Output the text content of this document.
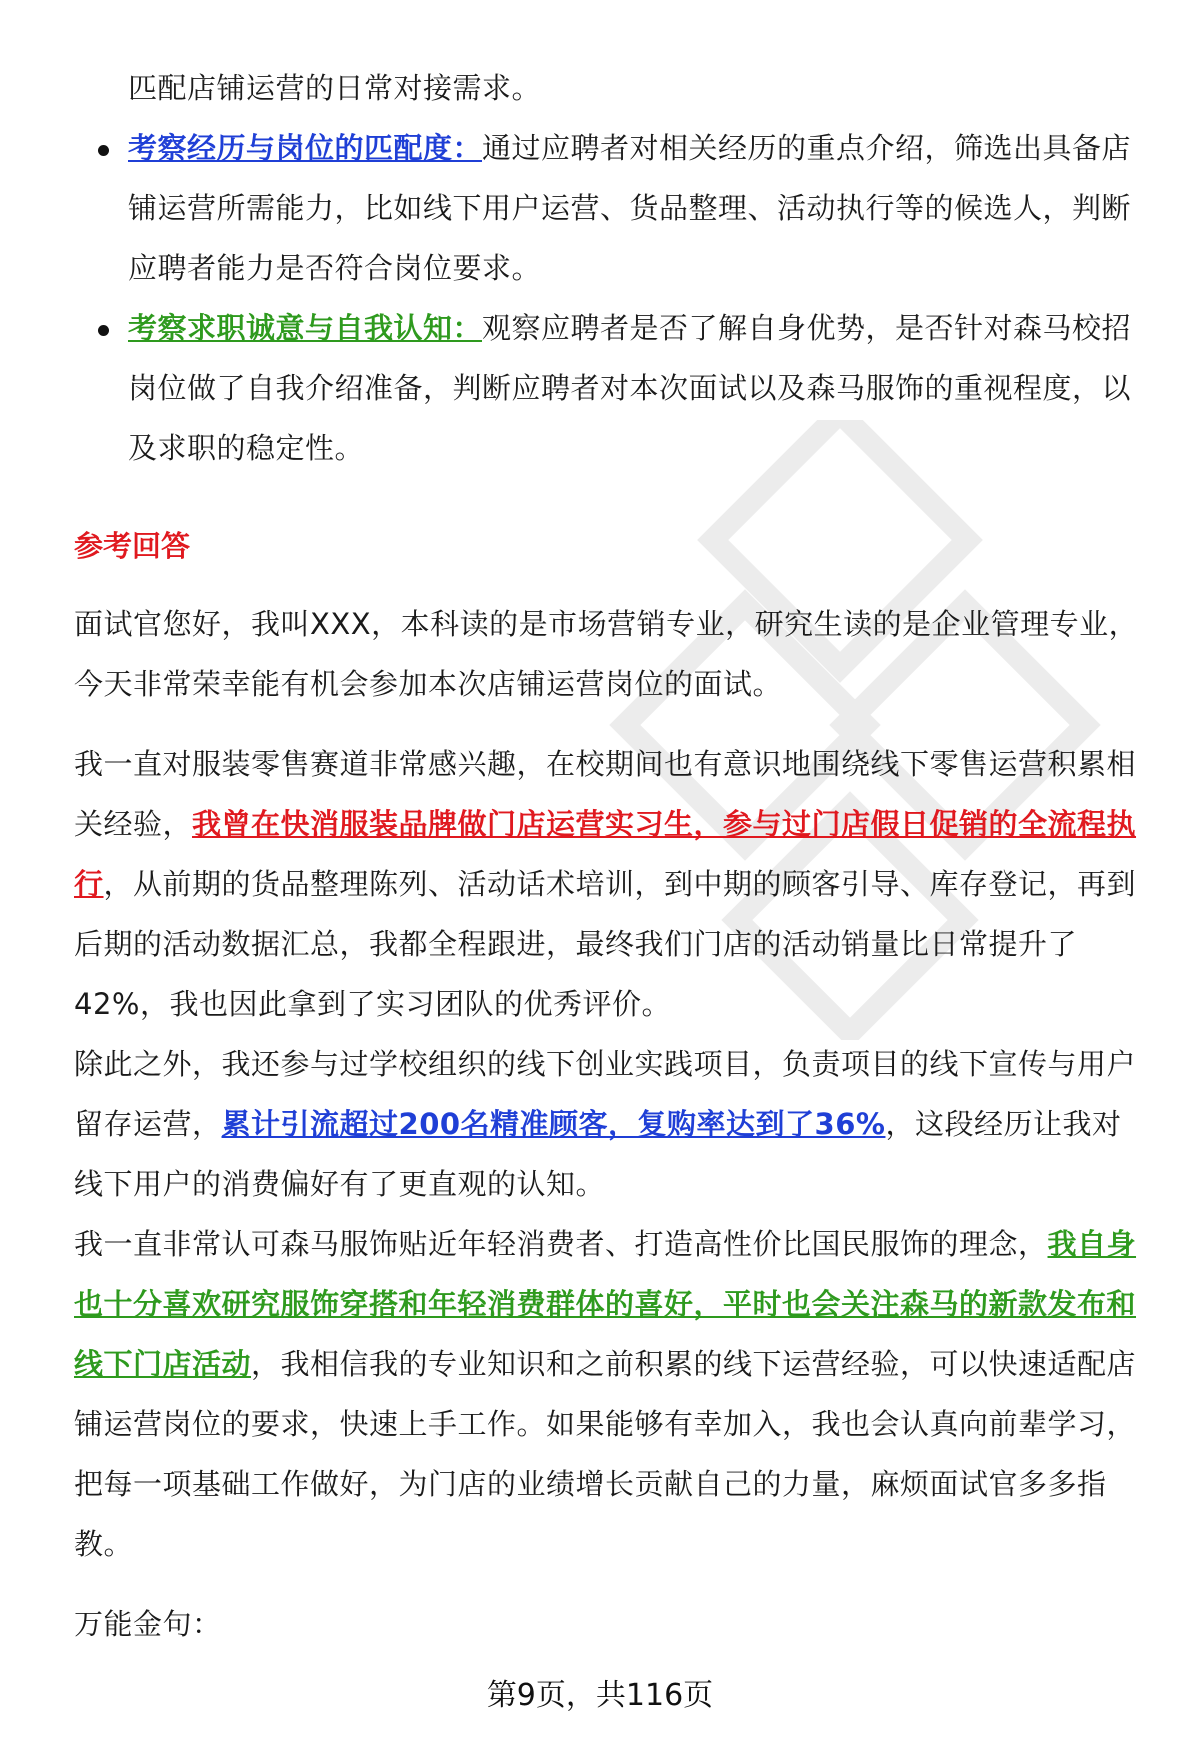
匹配店铺运营的日常对接需求。

考察经历与岗位的匹配度：通过应聘者对相关经历的重点介绍，筛选出具备店铺运营所需能力，比如线下用户运营、货品整理、活动执行等的候选人，判断应聘者能力是否符合岗位要求。
考察求职诚意与自我认知：观察应聘者是否了解自身优势，是否针对森马校招岗位做了自我介绍准备，判断应聘者对本次面试以及森马服饰的重视程度，以及求职的稳定性。
参考回答

面试官您好，我叫XXX，本科读的是市场营销专业，研究生读的是企业管理专业，今天非常荣幸能有机会参加本次店铺运营岗位的面试。

我一直对服装零售赛道非常感兴趣，在校期间也有意识地围绕线下零售运营积累相关经验，我曾在快消服装品牌做门店运营实习生，参与过门店假日促销的全流程执行，从前期的货品整理陈列、活动话术培训，到中期的顾客引导、库存登记，再到后期的活动数据汇总，我都全程跟进，最终我们门店的活动销量比日常提升了42%，我也因此拿到了实习团队的优秀评价。

除此之外，我还参与过学校组织的线下创业实践项目，负责项目的线下宣传与用户留存运营，累计引流超过200名精准顾客，复购率达到了36%，这段经历让我对线下用户的消费偏好有了更直观的认知。

我一直非常认可森马服饰贴近年轻消费者、打造高性价比国民服饰的理念，我自身也十分喜欢研究服饰穿搭和年轻消费群体的喜好，平时也会关注森马的新款发布和线下门店活动，我相信我的专业知识和之前积累的线下运营经验，可以快速适配店铺运营岗位的要求，快速上手工作。如果能够有幸加入，我也会认真向前辈学习，把每一项基础工作做好，为门店的业绩增长贡献自己的力量，麻烦面试官多多指教。

万能金句：

第9页，共116页
